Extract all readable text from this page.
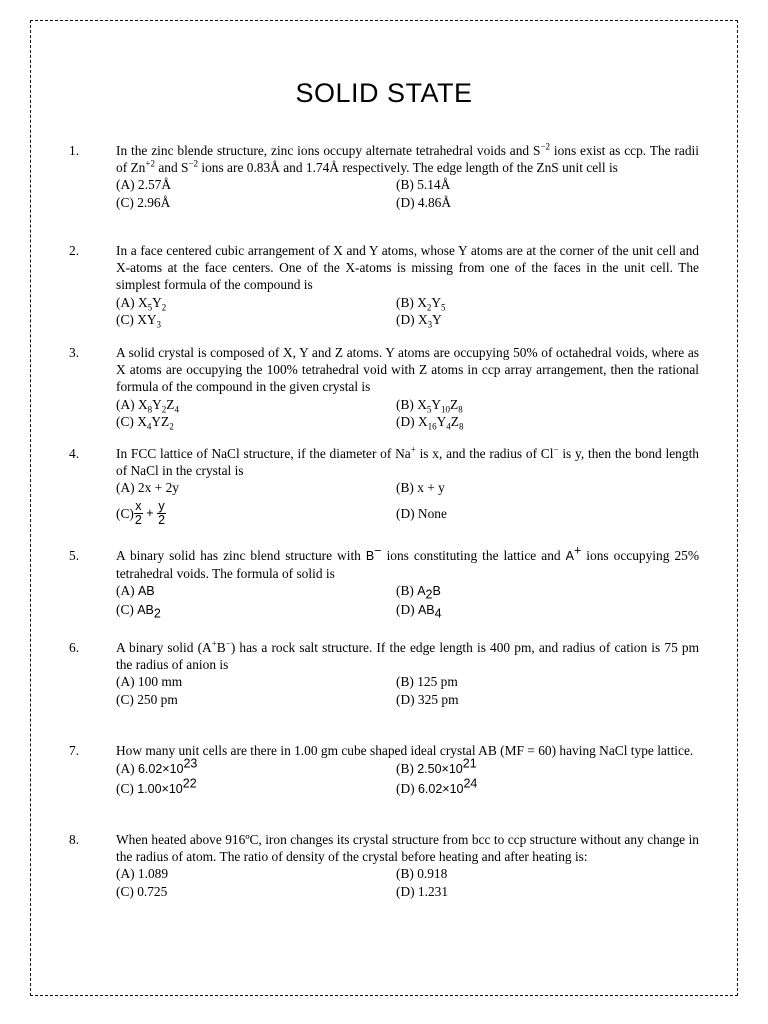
SOLID STATE
1.	In the zinc blende structure, zinc ions occupy alternate tetrahedral voids and $S^{-2}$ ions exist as ccp. The radii of $Zn^{+2}$ and $S^{-2}$ ions are 0.83Å and 1.74Å respectively. The edge length of the ZnS unit cell is
(A) 2.57Å	(B) 5.14Å
(C) 2.96Å	(D) 4.86Å
2.	In a face centered cubic arrangement of X and Y atoms, whose Y atoms are at the corner of the unit cell and X-atoms at the face centers. One of the X-atoms is missing from one of the faces in the unit cell. The simplest formula of the compound is
(A) $X_5Y_2$	(B) $X_2Y_5$
(C) $XY_3$	(D) $X_3Y$
3.	A solid crystal is composed of X, Y and Z atoms. Y atoms are occupying 50% of octahedral voids, where as X atoms are occupying the 100% tetrahedral void with Z atoms in ccp array arrangement, then the rational formula of the compound in the given crystal is
(A) $X_8Y_2Z_4$	(B) $X_5Y_{10}Z_8$
(C) $X_4YZ_2$	(D) $X_{16}Y_4Z_8$
4.	In FCC lattice of NaCl structure, if the diameter of Na+ is x, and the radius of Cl− is y, then the bond length of NaCl in the crystal is
(A) 2x + 2y	(B) x + y
$(C) \frac{x}{2} + \frac{y}{2}$	(D) None
5.	A binary solid has zinc blend structure with B− ions constituting the lattice and A+ ions occupying 25% tetrahedral voids. The formula of solid is
(A) AB	(B) $A_2B$
(C) $AB_2$	(D) $AB_4$
6.	A binary solid (A+B−) has a rock salt structure. If the edge length is 400 pm, and radius of cation is 75 pm the radius of anion is
(A) 100 mm	(B) 125 pm
(C) 250 pm	(D) 325 pm
7.	How many unit cells are there in 1.00 gm cube shaped ideal crystal AB (MF = 60) having NaCl type lattice.
(A) $6.02\times 10^{23}$	(B) $2.50\times 10^{21}$
(C) $1.00\times 10^{22}$	(D) $6.02\times 10^{24}$
8.	When heated above 916ºC, iron changes its crystal structure from bcc to ccp structure without any change in the radius of atom. The ratio of density of the crystal before heating and after heating is:
(A) 1.089	(B) 0.918
(C) 0.725	(D) 1.231
